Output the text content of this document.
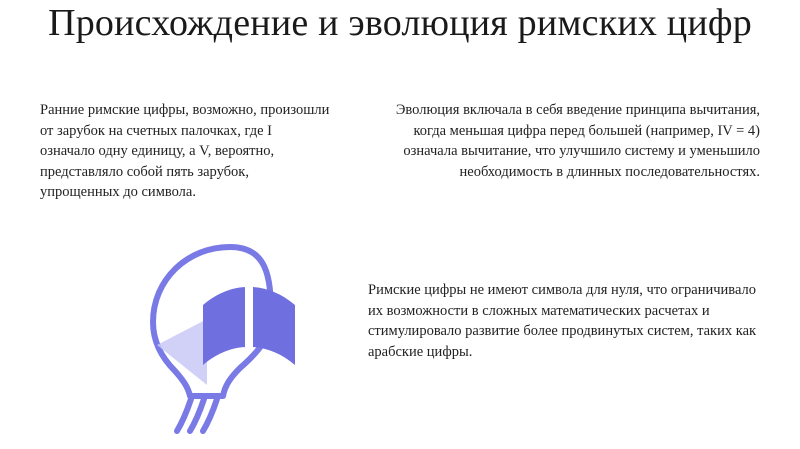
Происхождение и эволюция римских цифр
Ранние римские цифры, возможно, произошли от зарубок на счетных палочках, где I означало одну единицу, а V, вероятно, представляло собой пять зарубок, упрощенных до символа.
Эволюция включала в себя введение принципа вычитания, когда меньшая цифра перед большей (например, IV = 4) означала вычитание, что улучшило систему и уменьшило необходимость в длинных последовательностях.
Римские цифры не имеют символа для нуля, что ограничивало их возможности в сложных математических расчетах и стимулировало развитие более продвинутых систем, таких как арабские цифры.
